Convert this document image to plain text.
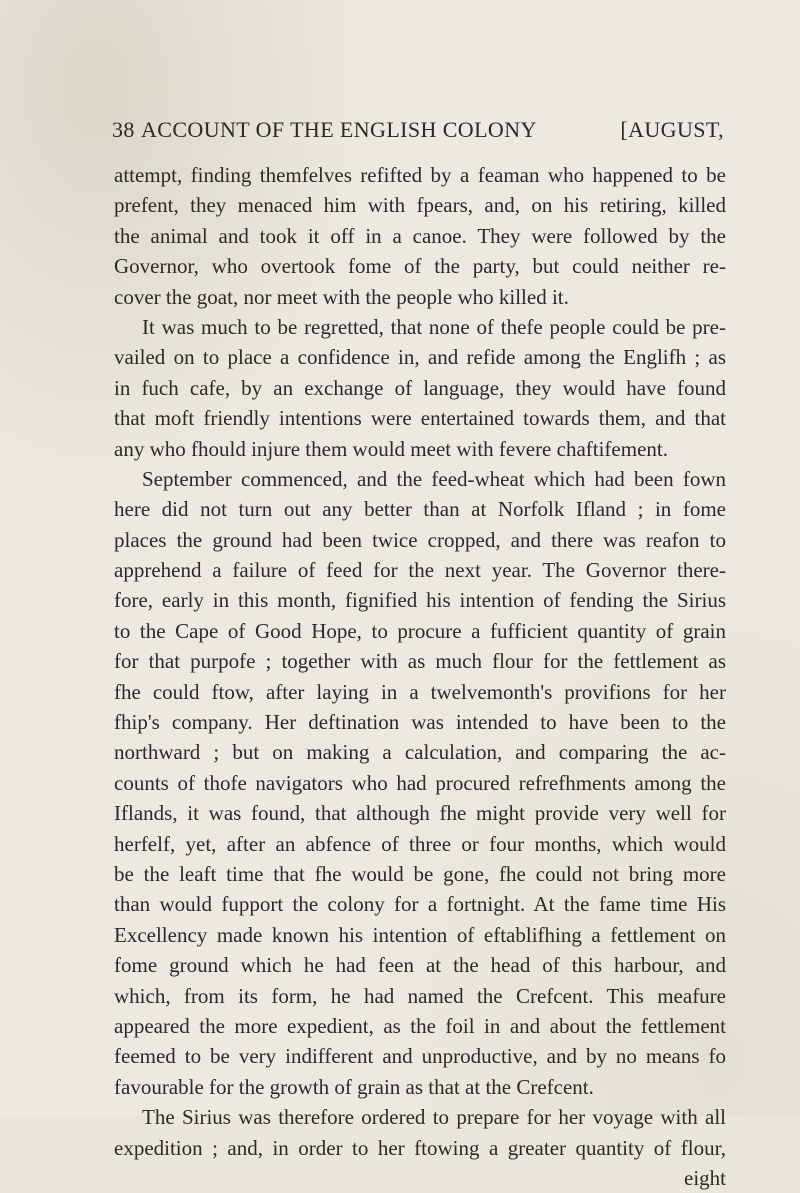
38 ACCOUNT OF THE ENGLISH COLONY	[AUGUST,
attempt, finding themfelves refifted by a feaman who happened to be
prefent, they menaced him with fpears, and, on his retiring, killed
the animal and took it off in a canoe. They were followed by the
Governor, who overtook fome of the party, but could neither re-
cover the goat, nor meet with the people who killed it.
It was much to be regretted, that none of thefe people could be pre-
vailed on to place a confidence in, and refide among the Englifh ; as
in fuch cafe, by an exchange of language, they would have found
that moft friendly intentions were entertained towards them, and that
any who fhould injure them would meet with fevere chaftifement.
September commenced, and the feed-wheat which had been fown
here did not turn out any better than at Norfolk Ifland ; in fome
places the ground had been twice cropped, and there was reafon to
apprehend a failure of feed for the next year. The Governor there-
fore, early in this month, fignified his intention of fending the Sirius
to the Cape of Good Hope, to procure a fufficient quantity of grain
for that purpofe ; together with as much flour for the fettlement as
fhe could ftow, after laying in a twelvemonth's provifions for her
fhip's company. Her deftination was intended to have been to the
northward ; but on making a calculation, and comparing the ac-
counts of thofe navigators who had procured refrefhments among the
Iflands, it was found, that although fhe might provide very well for
herfelf, yet, after an abfence of three or four months, which would
be the leaft time that fhe would be gone, fhe could not bring more
than would fupport the colony for a fortnight. At the fame time His
Excellency made known his intention of eftablifhing a fettlement on
fome ground which he had feen at the head of this harbour, and
which, from its form, he had named the Crefcent. This meafure
appeared the more expedient, as the foil in and about the fettlement
feemed to be very indifferent and unproductive, and by no means fo
favourable for the growth of grain as that at the Crefcent.
The Sirius was therefore ordered to prepare for her voyage with all
expedition ; and, in order to her ftowing a greater quantity of flour,
eight
